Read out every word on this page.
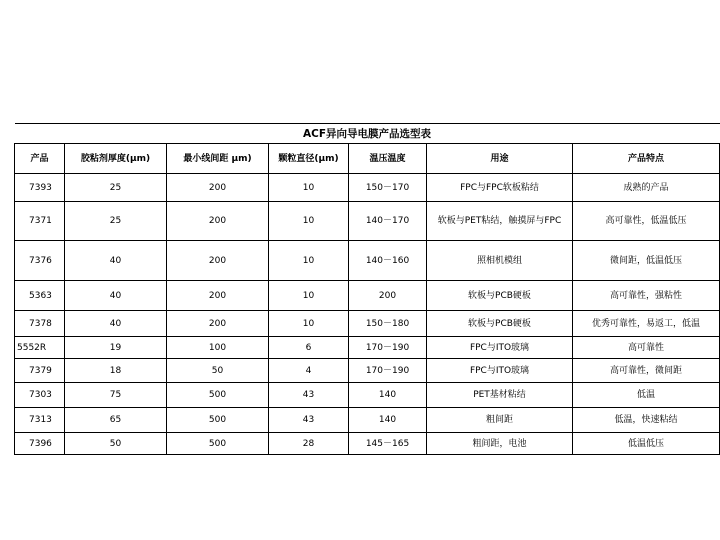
ACF异向导电膜产品选型表						
产品	胶粘剂厚度(μm)	最小线间距 μm)	颗粒直径(μm)	温压温度	用途	产品特点
7393	25	200	10	150－170	FPC与FPC软板粘结	成熟的产品
7371	25	200	10	140－170	软板与PET粘结，触摸屏与FPC	高可靠性，低温低压
7376	40	200	10	140－160	照相机模组	微间距，低温低压
5363	40	200	10	200	软板与PCB硬板	高可靠性，强粘性
7378	40	200	10	150－180	软板与PCB硬板	优秀可靠性，易返工，低温
5552R	19	100	6	170－190	FPC与ITO玻璃	高可靠性
7379	18	50	4	170－190	FPC与ITO玻璃	高可靠性，微间距
7303	75	500	43	140	PET基材粘结	低温
7313	65	500	43	140	粗间距	低温，快速粘结
7396	50	500	28	145－165	粗间距，电池	低温低压
